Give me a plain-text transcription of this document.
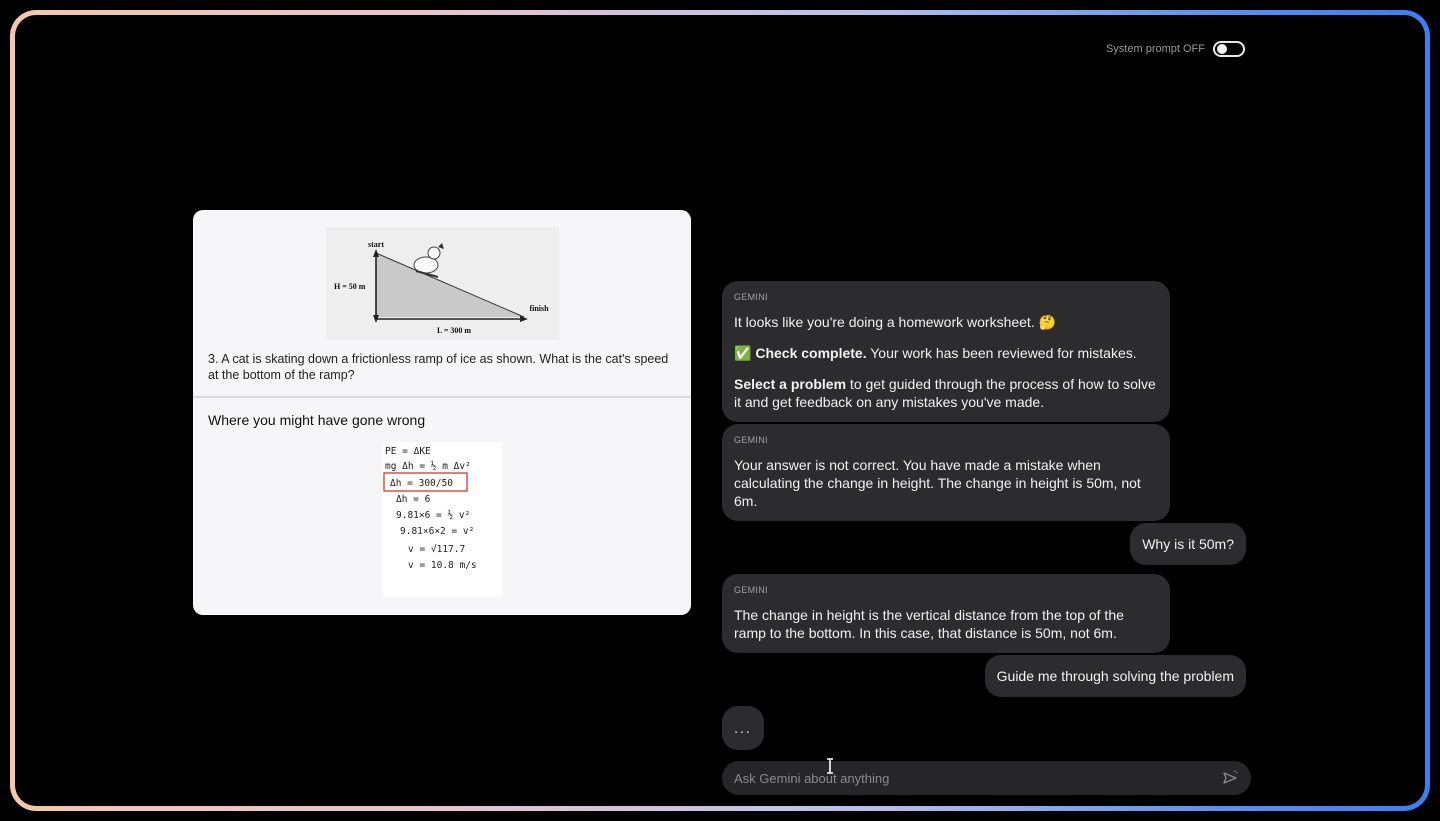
System prompt OFF
start
finish
H = 50 m
L = 300 m
3. A cat is skating down a frictionless ramp of ice as shown. What is the cat's speed at the bottom of the ramp?
Where you might have gone wrong
PE = ΔKE
mg Δh = ½ m Δv²
Δh = 300/50
Δh = 6
9.81×6 = ½ v²
9.81×6×2 = v²
v = √117.7
v = 10.8 m/s
GEMINI

It looks like you're doing a homework worksheet. 🤔

✅ Check complete. Your work has been reviewed for mistakes.

Select a problem to get guided through the process of how to solve it and get feedback on any mistakes you've made.

GEMINI

Your answer is not correct. You have made a mistake when calculating the change in height. The change in height is 50m, not 6m.

Why is it 50m?
GEMINI

The change in height is the vertical distance from the top of the ramp to the bottom. In this case, that distance is 50m, not 6m.

Guide me through solving the problem
...
Ask Gemini about anything
